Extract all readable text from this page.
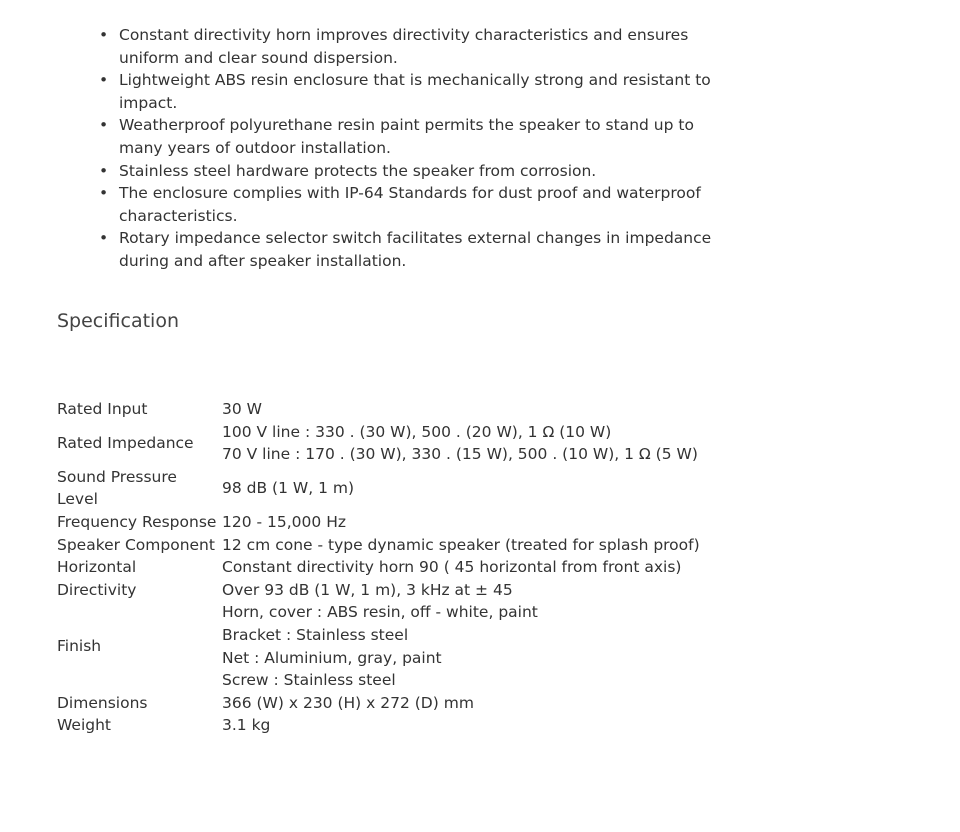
• Constant directivity horn improves directivity characteristics and ensures uniform and clear sound dispersion.
• Lightweight ABS resin enclosure that is mechanically strong and resistant to impact.
• Weatherproof polyurethane resin paint permits the speaker to stand up to many years of outdoor installation.
• Stainless steel hardware protects the speaker from corrosion.
• The enclosure complies with IP-64 Standards for dust proof and waterproof characteristics.
• Rotary impedance selector switch facilitates external changes in impedance during and after speaker installation.
Specification
Rated Input	30 W
Rated Impedance	100 V line : 330 . (30 W), 500 . (20 W), 1 Ω (10 W)
70 V line : 170 . (30 W), 330 . (15 W), 500 . (10 W), 1 Ω (5 W)

Sound Pressure Level	98 dB (1 W, 1 m)
Frequency Response	120 - 15,000 Hz
Speaker Component	12 cm cone - type dynamic speaker (treated for splash proof)
Horizontal Directivity	Constant directivity horn 90 ( 45 horizontal from front axis)
Over 93 dB (1 W, 1 m), 3 kHz at ± 45

Finish	Horn, cover : ABS resin, off - white, paint
Bracket : Stainless steel
Net : Aluminium, gray, paint
Screw : Stainless steel

Dimensions	366 (W) x 230 (H) x 272 (D) mm
Weight	3.1 kg
